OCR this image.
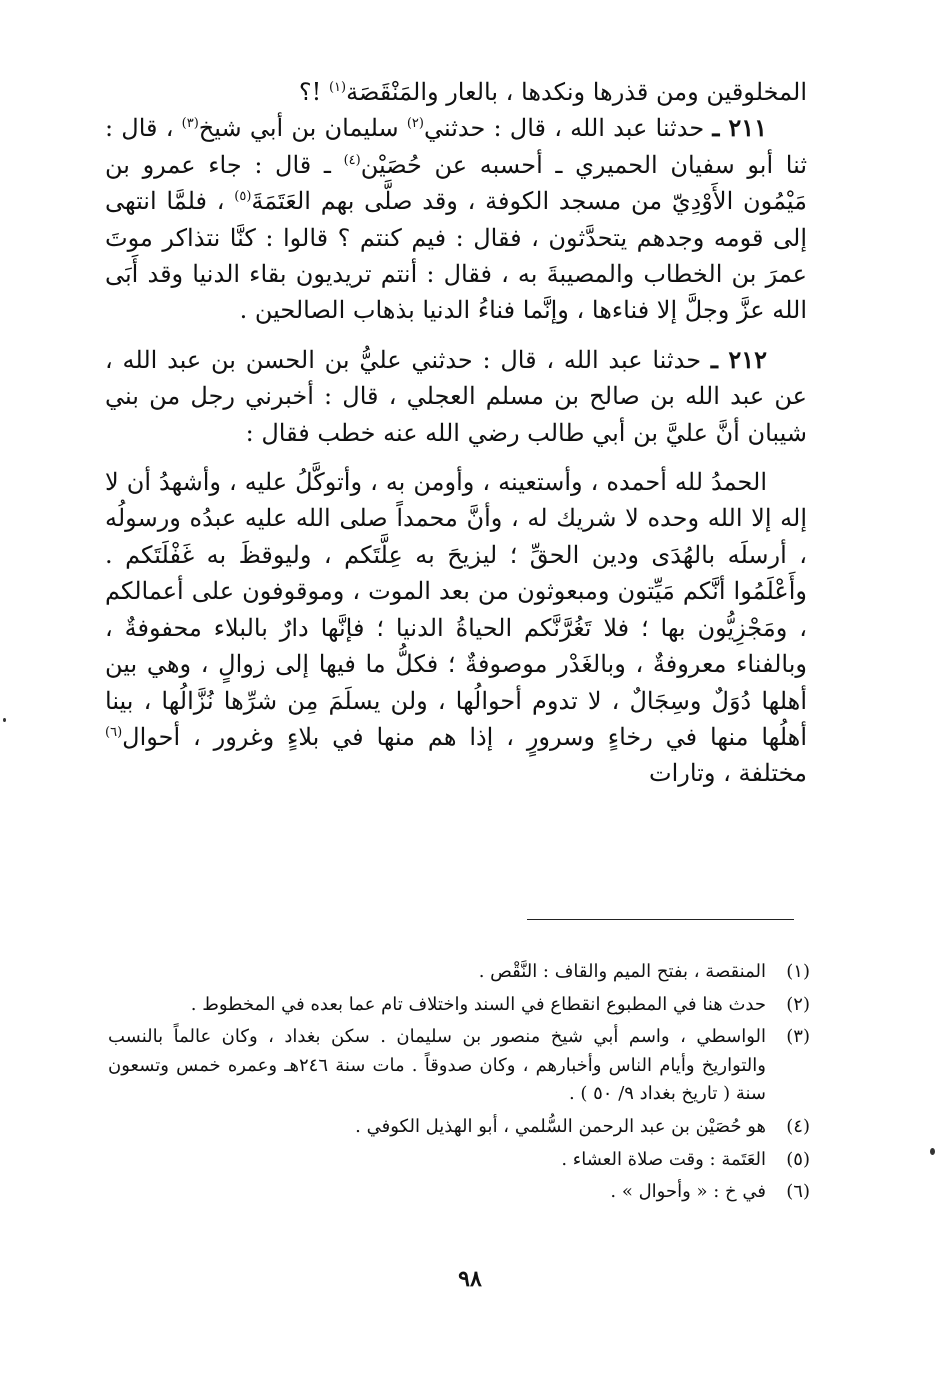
المخلوقين ومن قذرها ونكدها ، بالعار والمَنْقَصَة$^{(١)}$ !؟

٢١١ ـ حدثنا عبد الله ، قال : حدثني$^{(٢)}$ سليمان بن أبي شيخ$^{(٣)}$ ، قال : ثنا أبو سفيان الحميري ـ أحسبه عن حُصَيْن$^{(٤)}$ ـ قال : جاء عمرو بن مَيْمُون الأَوْدِيّ من مسجد الكوفة ، وقد صلَّى بهم العَتَمَةَ$^{(٥)}$ ، فلمَّا انتهى إلى قومه وجدهم يتحدَّثون ، فقال : فيم كنتم ؟ قالوا : كنَّا نتذاكر موتَ عمرَ بن الخطاب والمصيبةَ به ، فقال : أنتم تريديون بقاء الدنيا وقد أَبَى الله عزَّ وجلَّ إلا فناءها ، وإنَّما فناءُ الدنيا بذهاب الصالحين .

٢١٢ ـ حدثنا عبد الله ، قال : حدثني عليُّ بن الحسن بن عبد الله ، عن عبد الله بن صالح بن مسلم العجلي ، قال : أخبرني رجل من بني شيبان أنَّ عليَّ بن أبي طالب رضي الله عنه خطب فقال :

الحمدُ لله أحمده ، وأستعينه ، وأومن به ، وأتوكَّلُ عليه ، وأشهدُ أن لا إله إلا الله وحده لا شريك له ، وأنَّ محمداً صلى الله عليه عبدُه ورسولُه ، أرسلَه بالهُدَى ودين الحقِّ ؛ ليزيحَ به عِلَّتَكم ، وليوقظَ به غَفْلَتَكم . وأَعْلَمُوا أنَّكم مَيِّتون ومبعوثون من بعد الموت ، وموقوفون على أعمالكم ، ومَجْزِيُّون بها ؛ فلا تَغُرَّنَّكم الحياةُ الدنيا ؛ فإنَّها دارٌ بالبلاء محفوفةٌ ، وبالفناء معروفةٌ ، وبالغَدْر موصوفةٌ ؛ فكلُّ ما فيها إلى زوالٍ ، وهي بين أهلها دُوَلٌ وسِجَالٌ ، لا تدوم أحوالُها ، ولن يسلَمَ مِن شرِّها نُزَّالُها ، بينا أهلُها منها في رخاءٍ وسرورٍ ، إذا هم منها في بلاءٍ وغرور ، أحوال$^{(٦)}$ مختلفة ، وتارات

(١)
المنقصة ، بفتح الميم والقاف : النَّقْص .
(٢)
حدث هنا في المطبوع انقطاع في السند واختلاف تام عما بعده في المخطوط .
(٣)
الواسطي ، واسم أبي شيخ منصور بن سليمان . سكن بغداد ، وكان عالماً بالنسب والتواريخ وأيام الناس وأخبارهم ، وكان صدوقاً . مات سنة ٢٤٦هـ وعمره خمس وتسعون سنة ( تاريخ بغداد ٩/ ٥٠ ) .
(٤)
هو حُصَيْن بن عبد الرحمن السُّلمي ، أبو الهذيل الكوفي .
(٥)
العَتَمة : وقت صلاة العشاء .
(٦)
في خ : « وأحوال » .
٩٨
